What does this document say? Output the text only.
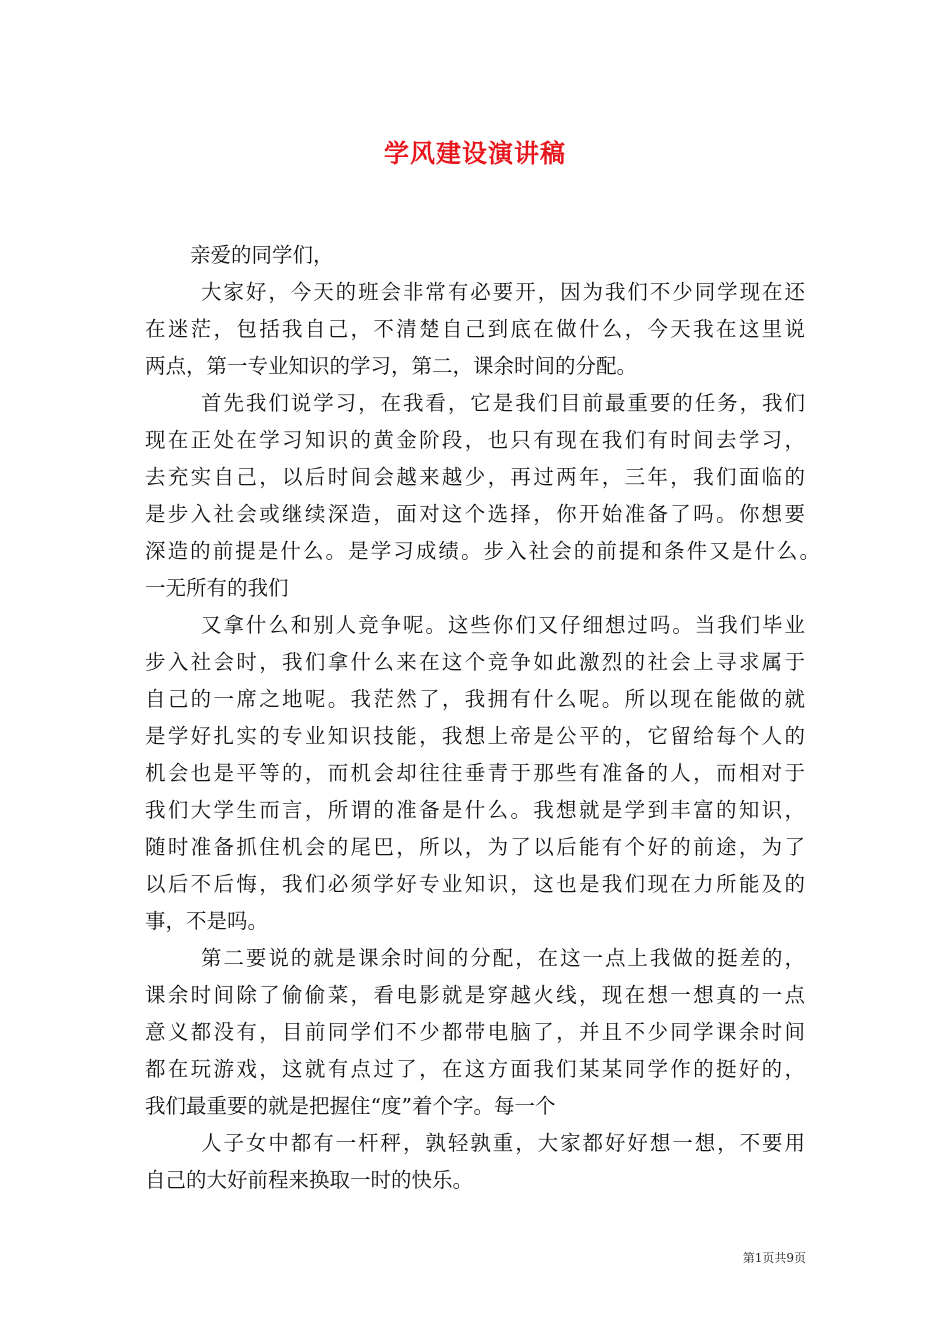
学风建设演讲稿
亲爱的同学们，
大家好，今天的班会非常有必要开，因为我们不少同学现在还
在迷茫，包括我自己，不清楚自己到底在做什么，今天我在这里说
两点，第一专业知识的学习，第二，课余时间的分配。
首先我们说学习，在我看，它是我们目前最重要的任务，我们
现在正处在学习知识的黄金阶段，也只有现在我们有时间去学习，
去充实自己，以后时间会越来越少，再过两年，三年，我们面临的
是步入社会或继续深造，面对这个选择，你开始准备了吗。你想要
深造的前提是什么。是学习成绩。步入社会的前提和条件又是什么。
一无所有的我们
又拿什么和别人竞争呢。这些你们又仔细想过吗。当我们毕业
步入社会时，我们拿什么来在这个竞争如此激烈的社会上寻求属于
自己的一席之地呢。我茫然了，我拥有什么呢。所以现在能做的就
是学好扎实的专业知识技能，我想上帝是公平的，它留给每个人的
机会也是平等的，而机会却往往垂青于那些有准备的人，而相对于
我们大学生而言，所谓的准备是什么。我想就是学到丰富的知识，
随时准备抓住机会的尾巴，所以，为了以后能有个好的前途，为了
以后不后悔，我们必须学好专业知识，这也是我们现在力所能及的
事，不是吗。
第二要说的就是课余时间的分配，在这一点上我做的挺差的，
课余时间除了偷偷菜，看电影就是穿越火线，现在想一想真的一点
意义都没有，目前同学们不少都带电脑了，并且不少同学课余时间
都在玩游戏，这就有点过了，在这方面我们某某同学作的挺好的，
我们最重要的就是把握住“度”着个字。每一个
人子女中都有一杆秤，孰轻孰重，大家都好好想一想，不要用
自己的大好前程来换取一时的快乐。
第1页共9页
